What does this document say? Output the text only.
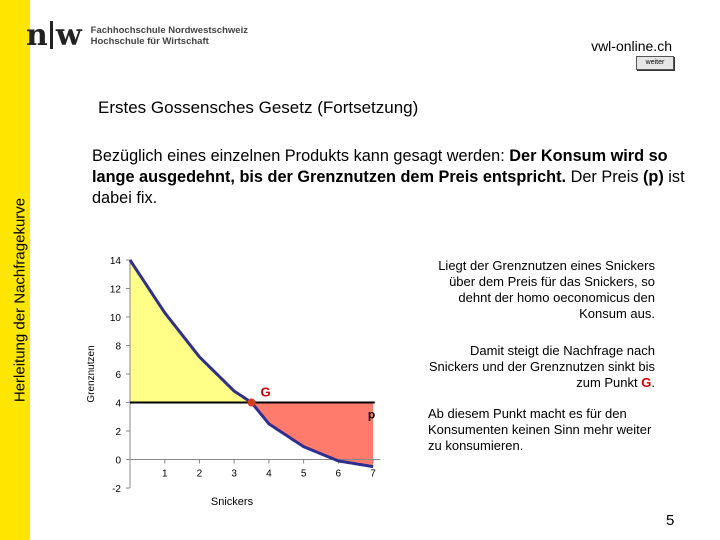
Herleitung der Nachfragekurve
n w Fachhochschule Nordwestschweiz
Hochschule für Wirtschaft	vwl-online.ch
weiter
Erstes Gossensches Gesetz (Fortsetzung)
Bezüglich eines einzelnen Produkts kann gesagt werden: Der Konsum wird so lange ausgedehnt, bis der Grenznutzen dem Preis entspricht. Der Preis (p) ist dabei fix.
-2
0
2
4
6
8
10
12
14
1	2	3	4	5	6	7
p
G
Grenznutzen
Snickers
Liegt der Grenznutzen eines Snickers über dem Preis für das Snickers, so dehnt der homo oeconomicus den Konsum aus.
Damit steigt die Nachfrage nach Snickers und der Grenznutzen sinkt bis zum Punkt G.
Ab diesem Punkt macht es für den Konsumenten keinen Sinn mehr weiter zu konsumieren.
5
